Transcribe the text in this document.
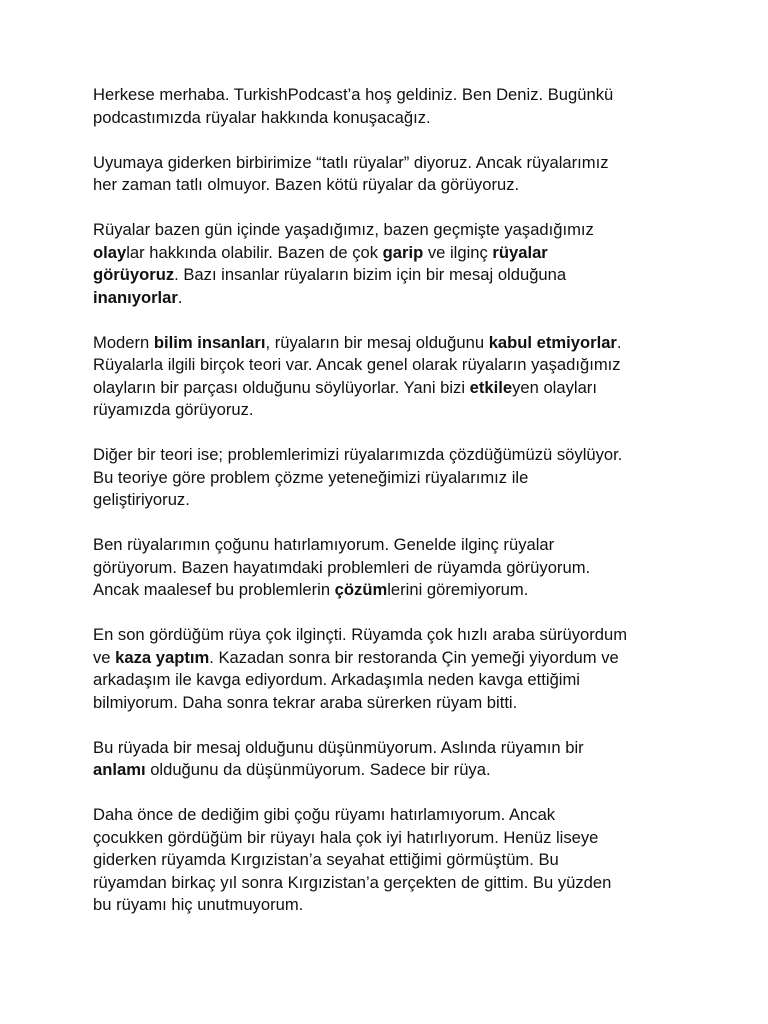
Herkese merhaba. TurkishPodcast’a hoş geldiniz. Ben Deniz. Bugünkü
podcastımızda rüyalar hakkında konuşacağız.

Uyumaya giderken birbirimize “tatlı rüyalar” diyoruz. Ancak rüyalarımız
her zaman tatlı olmuyor. Bazen kötü rüyalar da görüyoruz.

Rüyalar bazen gün içinde yaşadığımız, bazen geçmişte yaşadığımız
olaylar hakkında olabilir. Bazen de çok garip ve ilginç rüyalar
görüyoruz. Bazı insanlar rüyaların bizim için bir mesaj olduğuna
inanıyorlar.

Modern bilim insanları, rüyaların bir mesaj olduğunu kabul etmiyorlar.
Rüyalarla ilgili birçok teori var. Ancak genel olarak rüyaların yaşadığımız
olayların bir parçası olduğunu söylüyorlar. Yani bizi etkileyen olayları
rüyamızda görüyoruz.

Diğer bir teori ise; problemlerimizi rüyalarımızda çözdüğümüzü söylüyor.
Bu teoriye göre problem çözme yeteneğimizi rüyalarımız ile
geliştiriyoruz.

Ben rüyalarımın çoğunu hatırlamıyorum. Genelde ilginç rüyalar
görüyorum. Bazen hayatımdaki problemleri de rüyamda görüyorum.
Ancak maalesef bu problemlerin çözümlerini göremiyorum.

En son gördüğüm rüya çok ilginçti. Rüyamda çok hızlı araba sürüyordum
ve kaza yaptım. Kazadan sonra bir restoranda Çin yemeği yiyordum ve
arkadaşım ile kavga ediyordum. Arkadaşımla neden kavga ettiğimi
bilmiyorum. Daha sonra tekrar araba sürerken rüyam bitti.

Bu rüyada bir mesaj olduğunu düşünmüyorum. Aslında rüyamın bir
anlamı olduğunu da düşünmüyorum. Sadece bir rüya.

Daha önce de dediğim gibi çoğu rüyamı hatırlamıyorum. Ancak
çocukken gördüğüm bir rüyayı hala çok iyi hatırlıyorum. Henüz liseye
giderken rüyamda Kırgızistan’a seyahat ettiğimi görmüştüm. Bu
rüyamdan birkaç yıl sonra Kırgızistan’a gerçekten de gittim. Bu yüzden
bu rüyamı hiç unutmuyorum.
